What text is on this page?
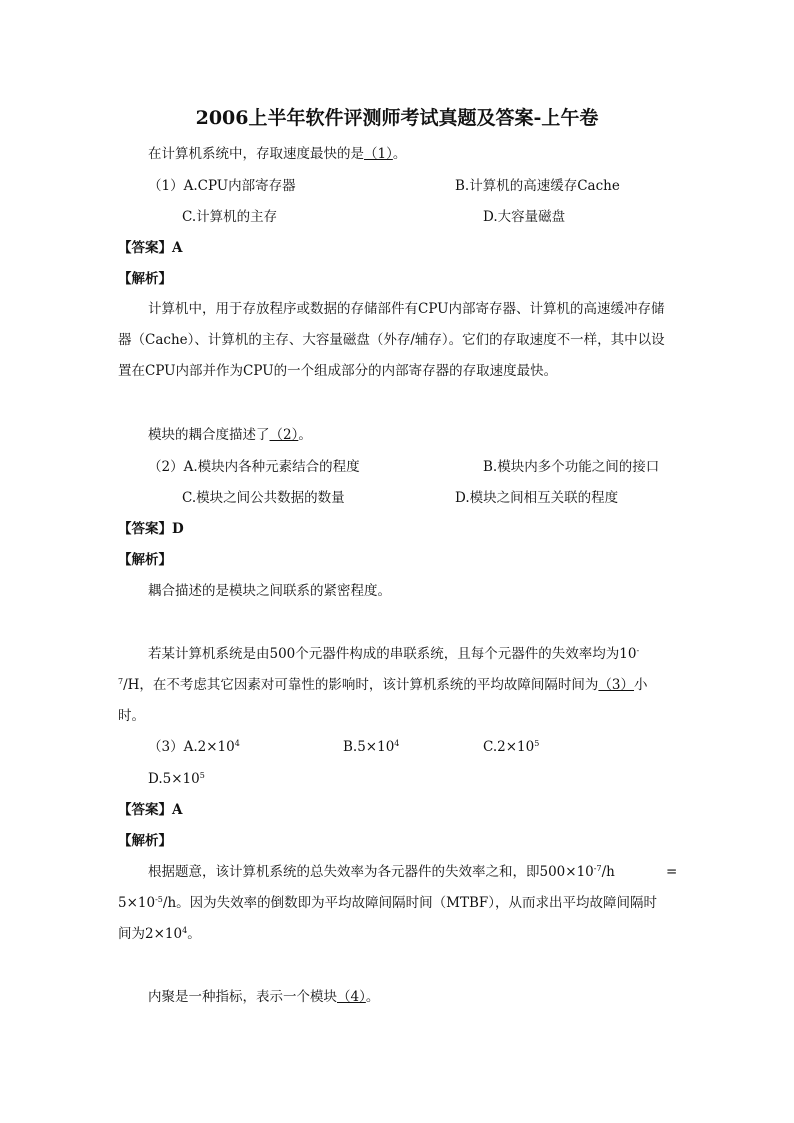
2006上半年软件评测师考试真题及答案-上午卷
在计算机系统中，存取速度最快的是（1）。
（1）A.CPU内部寄存器	B.计算机的高速缓存Cache
C.计算机的主存	D.大容量磁盘
【答案】A
【解析】
计算机中，用于存放程序或数据的存储部件有CPU内部寄存器、计算机的高速缓冲存储器（Cache）、计算机的主存、大容量磁盘（外存/辅存）。它们的存取速度不一样，其中以设置在CPU内部并作为CPU的一个组成部分的内部寄存器的存取速度最快。
模块的耦合度描述了（2）。
（2）A.模块内各种元素结合的程度	B.模块内多个功能之间的接口
C.模块之间公共数据的数量	D.模块之间相互关联的程度
【答案】D
【解析】
耦合描述的是模块之间联系的紧密程度。
若某计算机系统是由500个元器件构成的串联系统，且每个元器件的失效率均为10-
$^7$/H，在不考虑其它因素对可靠性的影响时，该计算机系统的平均故障间隔时间为（3）小
时。
$(3)A.2\times 10^4$	$B.5\times 10^4$	$C.2\times 10^5$
$D.5\times 10^5$
【答案】A
【解析】
根据题意，该计算机系统的总失效率为各元器件的失效率之和，即$500\times 10^{-7}/h$	=
$5\times 10^{-5}/h$。因为失效率的倒数即为平均故障间隔时间（MTBF），从而求出平均故障间隔时
间为$2\times 10^4$。
内聚是一种指标，表示一个模块（4）。
